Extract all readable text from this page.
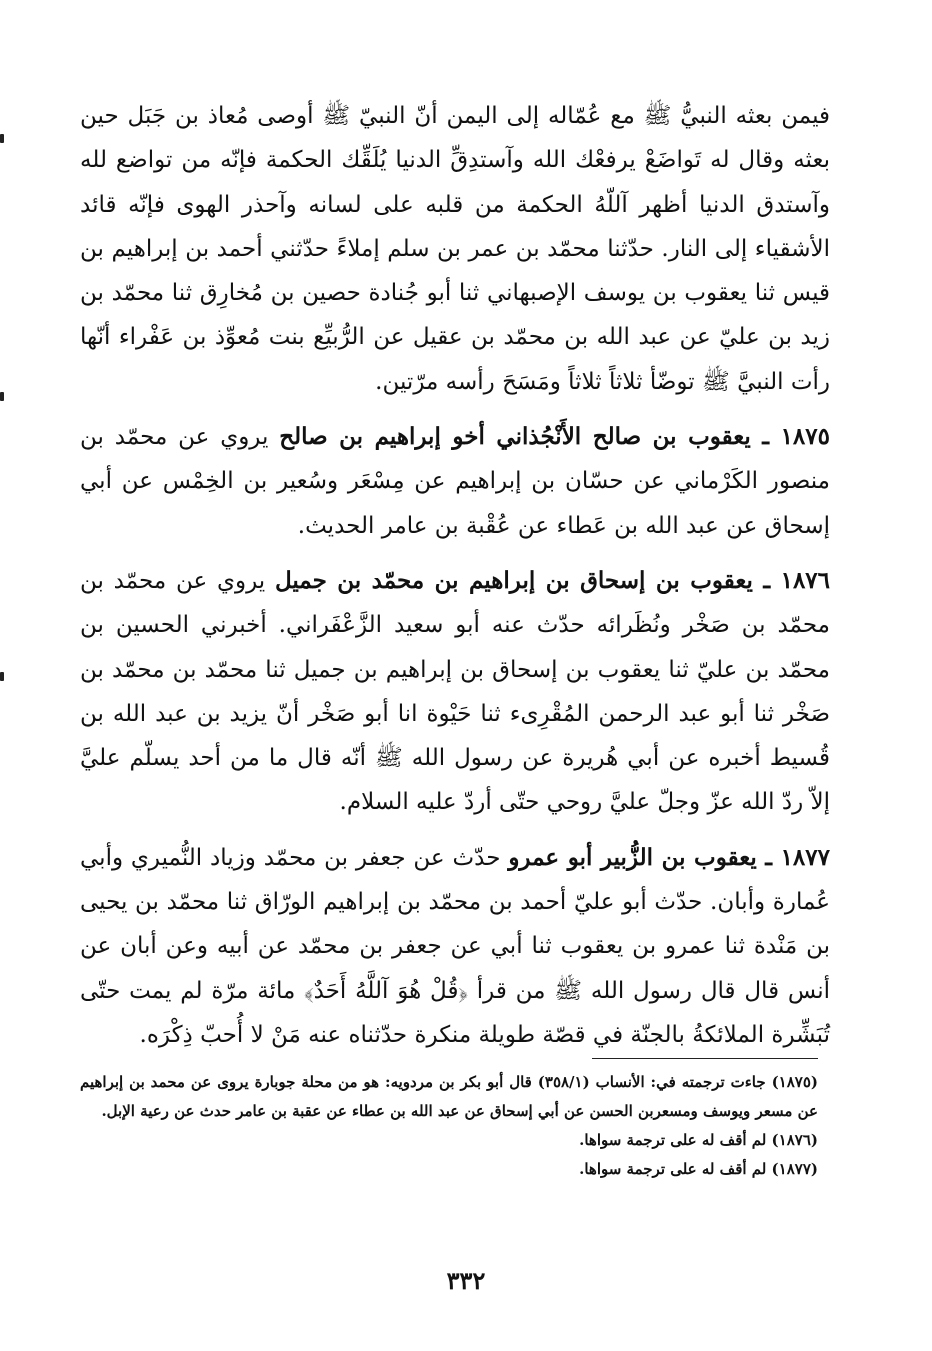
فيمن بعثه النبيُّ ﷺ مع عُمّاله إلى اليمن أنّ النبيّ ﷺ أوصى مُعاذ بن جَبَل حين بعثه وقال له تَواضَعْ يرفعْك الله وآستدِقِّ الدنيا يُلَقِّك الحكمة فإنّه من تواضع لله وآستدق الدنيا أظهر آللّهُ الحكمة من قلبه على لسانه وآحذر الهوى فإنّه قائد الأشقياء إلى النار. حدّثنا محمّد بن عمر بن سلم إملاءً حدّثني أحمد بن إبراهيم بن قيس ثنا يعقوب بن يوسف الإصبهاني ثنا أبو جُنادة حصين بن مُخارِق ثنا محمّد بن زيد بن عليّ عن عبد الله بن محمّد بن عقيل عن الرُّبيِّع بنت مُعوِّذ بن عَفْراء أنّها رأت النبيَّ ﷺ توضّأ ثلاثاً ثلاثاً ومَسَحَ رأسه مرّتين.

١٨٧٥ ـ يعقوب بن صالح الأَنْجُذاني أخو إبراهيم بن صالح يروي عن محمّد بن منصور الكَرْماني عن حسّان بن إبراهيم عن مِسْعَر وسُعير بن الخِمْس عن أبي إسحاق عن عبد الله بن عَطاء عن عُقْبة بن عامر الحديث.

١٨٧٦ ـ يعقوب بن إسحاق بن إبراهيم بن محمّد بن جميل يروي عن محمّد بن محمّد بن صَخْر ونُظَرائه حدّث عنه أبو سعيد الزَّعْفَراني. أخبرني الحسين بن محمّد بن عليّ ثنا يعقوب بن إسحاق بن إبراهيم بن جميل ثنا محمّد بن محمّد بن صَخْر ثنا أبو عبد الرحمن المُقْرِىء ثنا حَيْوة انا أبو صَخْر أنّ يزيد بن عبد الله بن قُسيط أخبره عن أبي هُريرة عن رسول الله ﷺ أنّه قال ما من أحد يسلّم عليَّ إلاّ ردّ الله عزّ وجلّ عليَّ روحي حتّى أردّ عليه السلام.

١٨٧٧ ـ يعقوب بن الزُّبير أبو عمرو حدّث عن جعفر بن محمّد وزياد النُّميري وأبي عُمارة وأبان. حدّث أبو عليّ أحمد بن محمّد بن إبراهيم الورّاق ثنا محمّد بن يحيى بن مَنْدة ثنا عمرو بن يعقوب ثنا أبي عن جعفر بن محمّد عن أبيه وعن أبان عن أنس قال قال رسول الله ﷺ من قرأ ﴿قُلْ هُوَ آللَّهُ أَحَدٌ﴾ مائة مرّة لم يمت حتّى تُبَشِّرة الملائكةُ بالجنّة في قصّة طويلة منكرة حدّثناه عنه مَنْ لا أُحبّ ذِكْرَه.

(١٨٧٥) جاءت ترجمته في: الأنساب (٣٥٨/١) قال أبو بكر بن مردويه: هو من محلة جوبارة يروى عن محمد بن إبراهيم عن مسعر ويوسف ومسعربن الحسن عن أبي إسحاق عن عبد الله بن عطاء عن عقبة بن عامر حدث عن رعية الإبل.

(١٨٧٦) لم أقف له على ترجمة سواها.

(١٨٧٧) لم أقف له على ترجمة سواها.

٣٣٢
